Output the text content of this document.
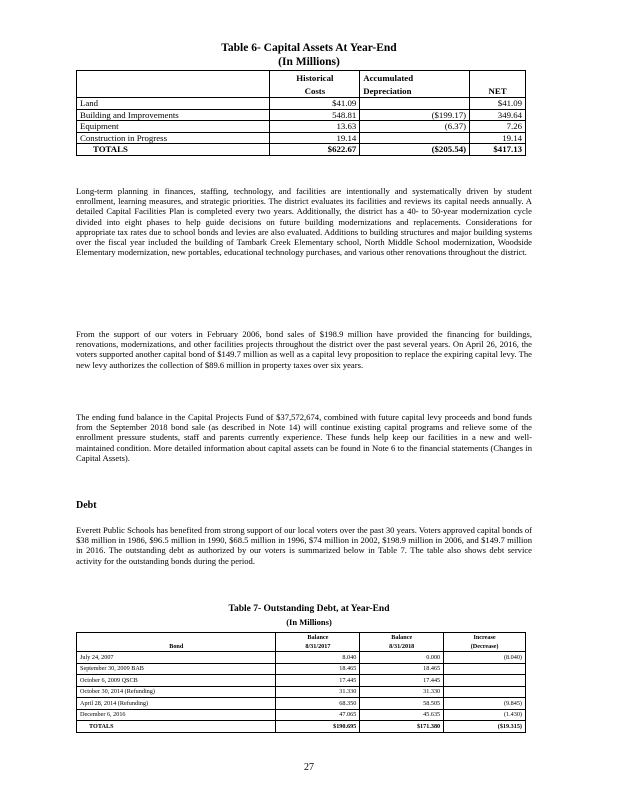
Table 6- Capital Assets At Year-End
(In Millions)
	Historical	Accumulated	
	Costs	Depreciation	NET
Land	$41.09		$41.09
Building and Improvements	548.81	($199.17)	349.64
Equipment	13.63	(6.37)	7.26
Construction in Progress	19.14		19.14
TOTALS	$622.67	($205.54)	$417.13
Long-term planning in finances, staffing, technology, and facilities are intentionally and systematically driven by student enrollment, learning measures, and strategic priorities. The district evaluates its facilities and reviews its capital needs annually. A detailed Capital Facilities Plan is completed every two years. Additionally, the district has a 40- to 50-year modernization cycle divided into eight phases to help guide decisions on future building modernizations and replacements. Considerations for appropriate tax rates due to school bonds and levies are also evaluated. Additions to building structures and major building systems over the fiscal year included the building of Tambark Creek Elementary school, North Middle School modernization, Woodside Elementary modernization, new portables, educational technology purchases, and various other renovations throughout the district.
From the support of our voters in February 2006, bond sales of $198.9 million have provided the financing for buildings, renovations, modernizations, and other facilities projects throughout the district over the past several years. On April 26, 2016, the voters supported another capital bond of $149.7 million as well as a capital levy proposition to replace the expiring capital levy. The new levy authorizes the collection of $89.6 million in property taxes over six years.
The ending fund balance in the Capital Projects Fund of $37,572,674, combined with future capital levy proceeds and bond funds from the September 2018 bond sale (as described in Note 14) will continue existing capital programs and relieve some of the enrollment pressure students, staff and parents currently experience. These funds help keep our facilities in a new and well-maintained condition. More detailed information about capital assets can be found in Note 6 to the financial statements (Changes in Capital Assets).
Debt
Everett Public Schools has benefited from strong support of our local voters over the past 30 years. Voters approved capital bonds of $38 million in 1986, $96.5 million in 1990, $68.5 million in 1996, $74 million in 2002, $198.9 million in 2006, and $149.7 million in 2016. The outstanding debt as authorized by our voters is summarized below in Table 7. The table also shows debt service activity for the outstanding bonds during the period.
Table 7- Outstanding Debt, at Year-End
(In Millions)
	Balance	Balance	Increase
Bond	8/31/2017	8/31/2018	(Decrease)
July 24, 2007	8.040	0.000	(8.040)
September 30, 2009 BAB	18.465	18.465	
October 6, 2009 QSCB	17.445	17.445	
October 30, 2014 (Refunding)	31.330	31.330	
April 28, 2014 (Refunding)	68.350	58.505	(9.845)
December 6, 2016	47.065	45.635	(1.430)
TOTALS	$190.695	$171.380	($19.315)
27
